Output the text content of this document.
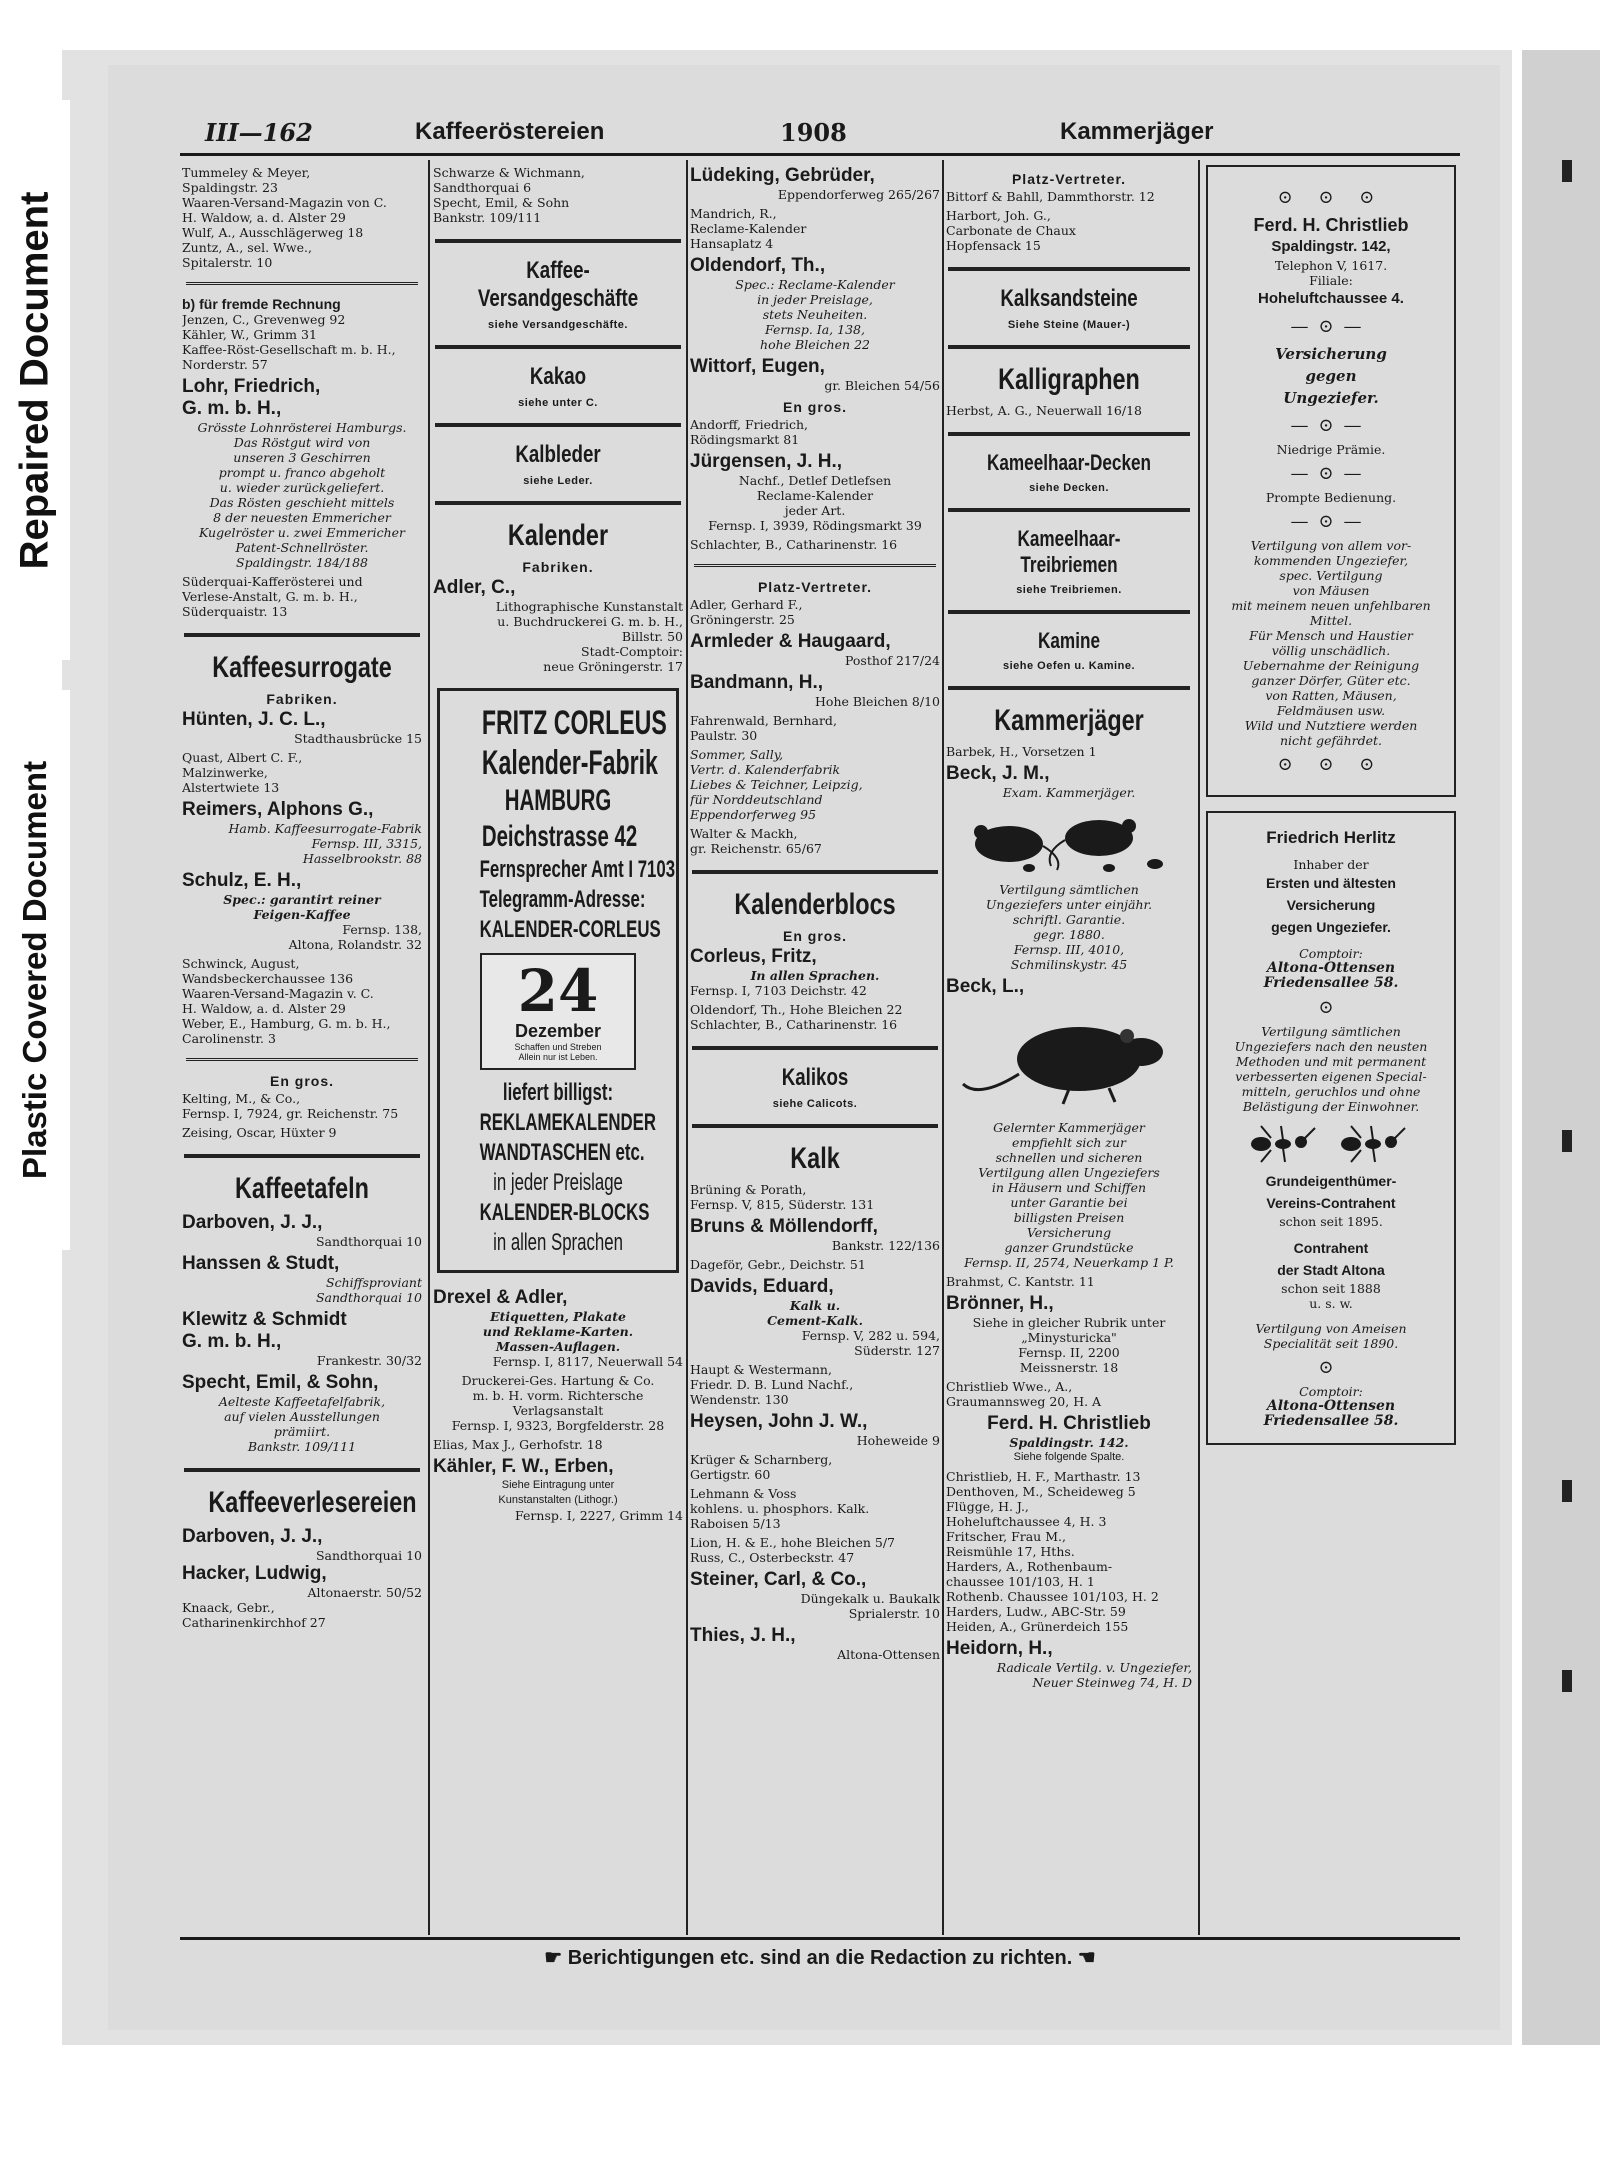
Repaired Document
Plastic Covered Document
III—162	Kaffeeröstereien	1908	Kammerjäger
Tummeley & Meyer,
Spaldingstr. 23
Waaren-Versand-Magazin von C.
H. Waldow, a. d. Alster 29
Wulf, A., Ausschlägerweg 18
Zuntz, A., sel. Wwe.,
Spitalerstr. 10
b) für fremde Rechnung
Jenzen, C., Grevenweg 92
Kähler, W., Grimm 31
Kaffee-Röst-Gesellschaft m. b. H.,
Norderstr. 57
Lohr, Friedrich,
G. m. b. H.,
Grösste Lohnrösterei Hamburgs.
Das Röstgut wird von
unseren 3 Geschirren
prompt u. franco abgeholt
u. wieder zurückgeliefert.
Das Rösten geschieht mittels
8 der neuesten Emmericher
Kugelröster u. zwei Emmericher
Patent-Schnellröster.
Spaldingstr. 184/188
Süderquai-Kafferösterei und
Verlese-Anstalt, G. m. b. H.,
Süderquaistr. 13
Kaffeesurrogate
Fabriken.
Hünten, J. C. L.,
Stadthausbrücke 15
Quast, Albert C. F.,
Malzinwerke,
Alstertwiete 13
Reimers, Alphons G.,
Hamb. Kaffeesurrogate-Fabrik
Fernsp. III, 3315,
Hasselbrookstr. 88
Schulz, E. H.,
Spec.: garantirt reiner
Feigen-Kaffee
Fernsp. 138,
Altona, Rolandstr. 32
Schwinck, August,
Wandsbeckerchaussee 136
Waaren-Versand-Magazin v. C.
H. Waldow, a. d. Alster 29
Weber, E., Hamburg, G. m. b. H.,
Carolinenstr. 3
En gros.
Kelting, M., & Co.,
Fernsp. I, 7924, gr. Reichenstr. 75
Zeising, Oscar, Hüxter 9
Kaffeetafeln
Darboven, J. J.,
Sandthorquai 10
Hanssen & Studt,
Schiffsproviant
Sandthorquai 10
Klewitz & Schmidt
G. m. b. H.,
Frankestr. 30/32
Specht, Emil, & Sohn,
Aelteste Kaffeetafelfabrik,
auf vielen Ausstellungen
prämiirt.
Bankstr. 109/111
Kaffeeverlesereien
Darboven, J. J.,
Sandthorquai 10
Hacker, Ludwig,
Altonaerstr. 50/52
Knaack, Gebr.,
Catharinenkirchhof 27
Schwarze & Wichmann,
Sandthorquai 6
Specht, Emil, & Sohn
Bankstr. 109/111
Kaffee-
Versandgeschäfte
siehe Versandgeschäfte.
Kakao
siehe unter C.
Kalbleder
siehe Leder.
Kalender
Fabriken.
Adler, C.,
Lithographische Kunstanstalt
u. Buchdruckerei G. m. b. H.,
Billstr. 50
Stadt-Comptoir:
neue Gröningerstr. 17
FRITZ CORLEUS
Kalender-Fabrik
HAMBURG
Deichstrasse 42
Fernsprecher Amt I 7103
Telegramm-Adresse:
KALENDER-CORLEUS
24
Dezember
Schaffen und Streben
Allein nur ist Leben.
liefert billigst:
REKLAMEKALENDER
WANDTASCHEN etc.
in jeder Preislage
KALENDER-BLOCKS
in allen Sprachen
Drexel & Adler,
Etiquetten, Plakate
und Reklame-Karten.
Massen-Auflagen.
Fernsp. I, 8117, Neuerwall 54
Druckerei-Ges. Hartung & Co.
m. b. H. vorm. Richtersche
Verlagsanstalt
Fernsp. I, 9323, Borgfelderstr. 28
Elias, Max J., Gerhofstr. 18
Kähler, F. W., Erben,
Siehe Eintragung unter
Kunstanstalten (Lithogr.)
Fernsp. I, 2227, Grimm 14
Lüdeking, Gebrüder,
Eppendorferweg 265/267
Mandrich, R.,
Reclame-Kalender
Hansaplatz 4
Oldendorf, Th.,
Spec.: Reclame-Kalender
in jeder Preislage,
stets Neuheiten.
Fernsp. Ia, 138,
hohe Bleichen 22
Wittorf, Eugen,
gr. Bleichen 54/56
En gros.
Andorff, Friedrich,
Rödingsmarkt 81
Jürgensen, J. H.,
Nachf., Detlef Detlefsen
Reclame-Kalender
jeder Art.
Fernsp. I, 3939, Rödingsmarkt 39
Schlachter, B., Catharinenstr. 16
Platz-Vertreter.
Adler, Gerhard F.,
Gröningerstr. 25
Armleder & Haugaard,
Posthof 217/24
Bandmann, H.,
Hohe Bleichen 8/10
Fahrenwald, Bernhard,
Paulstr. 30
Sommer, Sally,
Vertr. d. Kalenderfabrik
Liebes & Teichner, Leipzig,
für Norddeutschland
Eppendorferweg 95
Walter & Mackh,
gr. Reichenstr. 65/67
Kalenderblocs
En gros.
Corleus, Fritz,
In allen Sprachen.
Fernsp. I, 7103 Deichstr. 42
Oldendorf, Th., Hohe Bleichen 22
Schlachter, B., Catharinenstr. 16
Kalikos
siehe Calicots.
Kalk
Brüning & Porath,
Fernsp. V, 815, Süderstr. 131
Bruns & Möllendorff,
Bankstr. 122/136
Dageför, Gebr., Deichstr. 51
Davids, Eduard,
Kalk u.
Cement-Kalk.
Fernsp. V, 282 u. 594,
Süderstr. 127
Haupt & Westermann,
Friedr. D. B. Lund Nachf.,
Wendenstr. 130
Heysen, John J. W.,
Hoheweide 9
Krüger & Scharnberg,
Gertigstr. 60
Lehmann & Voss
kohlens. u. phosphors. Kalk.
Raboisen 5/13
Lion, H. & E., hohe Bleichen 5/7
Russ, C., Osterbeckstr. 47
Steiner, Carl, & Co.,
Düngekalk u. Baukalk
Sprialerstr. 10
Thies, J. H.,
Altona-Ottensen
Platz-Vertreter.
Bittorf & Bahll, Dammthorstr. 12
Harbort, Joh. G.,
Carbonate de Chaux
Hopfensack 15
Kalksandsteine
Siehe Steine (Mauer-)
Kalligraphen
Herbst, A. G., Neuerwall 16/18
Kameelhaar-Decken
siehe Decken.
Kameelhaar-
Treibriemen
siehe Treibriemen.
Kamine
siehe Oefen u. Kamine.
Kammerjäger
Barbek, H., Vorsetzen 1
Beck, J. M.,
Exam. Kammerjäger.
Vertilgung sämtlichen
Ungeziefers unter einjähr.
schriftl. Garantie.
gegr. 1880.
Fernsp. III, 4010,
Schmilinskystr. 45
Beck, L.,
Gelernter Kammerjäger
empfiehlt sich zur
schnellen und sicheren
Vertilgung allen Ungeziefers
in Häusern und Schiffen
unter Garantie bei
billigsten Preisen
Versicherung
ganzer Grundstücke
Fernsp. II, 2574, Neuerkamp 1 P.
Brahmst, C. Kantstr. 11
Brönner, H.,
Siehe in gleicher Rubrik unter
„Minysturicka"
Fernsp. II, 2200
Meissnerstr. 18
Christlieb Wwe., A.,
Graumannsweg 20, H. A
Ferd. H. Christlieb
Spaldingstr. 142.
Siehe folgende Spalte.
Christlieb, H. F., Marthastr. 13
Denthoven, M., Scheideweg 5
Flügge, H. J.,
Hoheluftchaussee 4, H. 3
Fritscher, Frau M.,
Reismühle 17, Hths.
Harders, A., Rothenbaum-
chaussee 101/103, H. 1
Rothenb. Chaussee 101/103, H. 2
Harders, Ludw., ABC-Str. 59
Heiden, A., Grünerdeich 155
Heidorn, H.,
Radicale Vertilg. v. Ungeziefer,
Neuer Steinweg 74, H. D
⊙ ⊙ ⊙
Ferd. H. Christlieb
Spaldingstr. 142,
Telephon V, 1617.
Filiale:
Hoheluftchaussee 4.
—⊙—
Versicherung
gegen
Ungeziefer.
—⊙—
Niedrige Prämie.
—⊙—
Prompte Bedienung.
—⊙—
Vertilgung von allem vor-
kommenden Ungeziefer,
spec. Vertilgung
von Mäusen
mit meinem neuen unfehlbaren
Mittel.
Für Mensch und Haustier
völlig unschädlich.
Uebernahme der Reinigung
ganzer Dörfer, Güter etc.
von Ratten, Mäusen,
Feldmäusen usw.
Wild und Nutztiere werden
nicht gefährdet.
⊙ ⊙ ⊙
Friedrich Herlitz
Inhaber der
Ersten und ältesten
Versicherung
gegen Ungeziefer.
Comptoir:
Altona-Ottensen
Friedensallee 58.
⊙
Vertilgung sämtlichen
Ungeziefers nach den neusten
Methoden und mit permanent
verbesserten eigenen Special-
mitteln, geruchlos und ohne
Belästigung der Einwohner.
Grundeigenthümer-
Vereins-Contrahent
schon seit 1895.
Contrahent
der Stadt Altona
schon seit 1888
u. s. w.
Vertilgung von Ameisen
Specialität seit 1890.
⊙
Comptoir:
Altona-Ottensen
Friedensallee 58.
☛ Berichtigungen etc. sind an die Redaction zu richten. ☚
